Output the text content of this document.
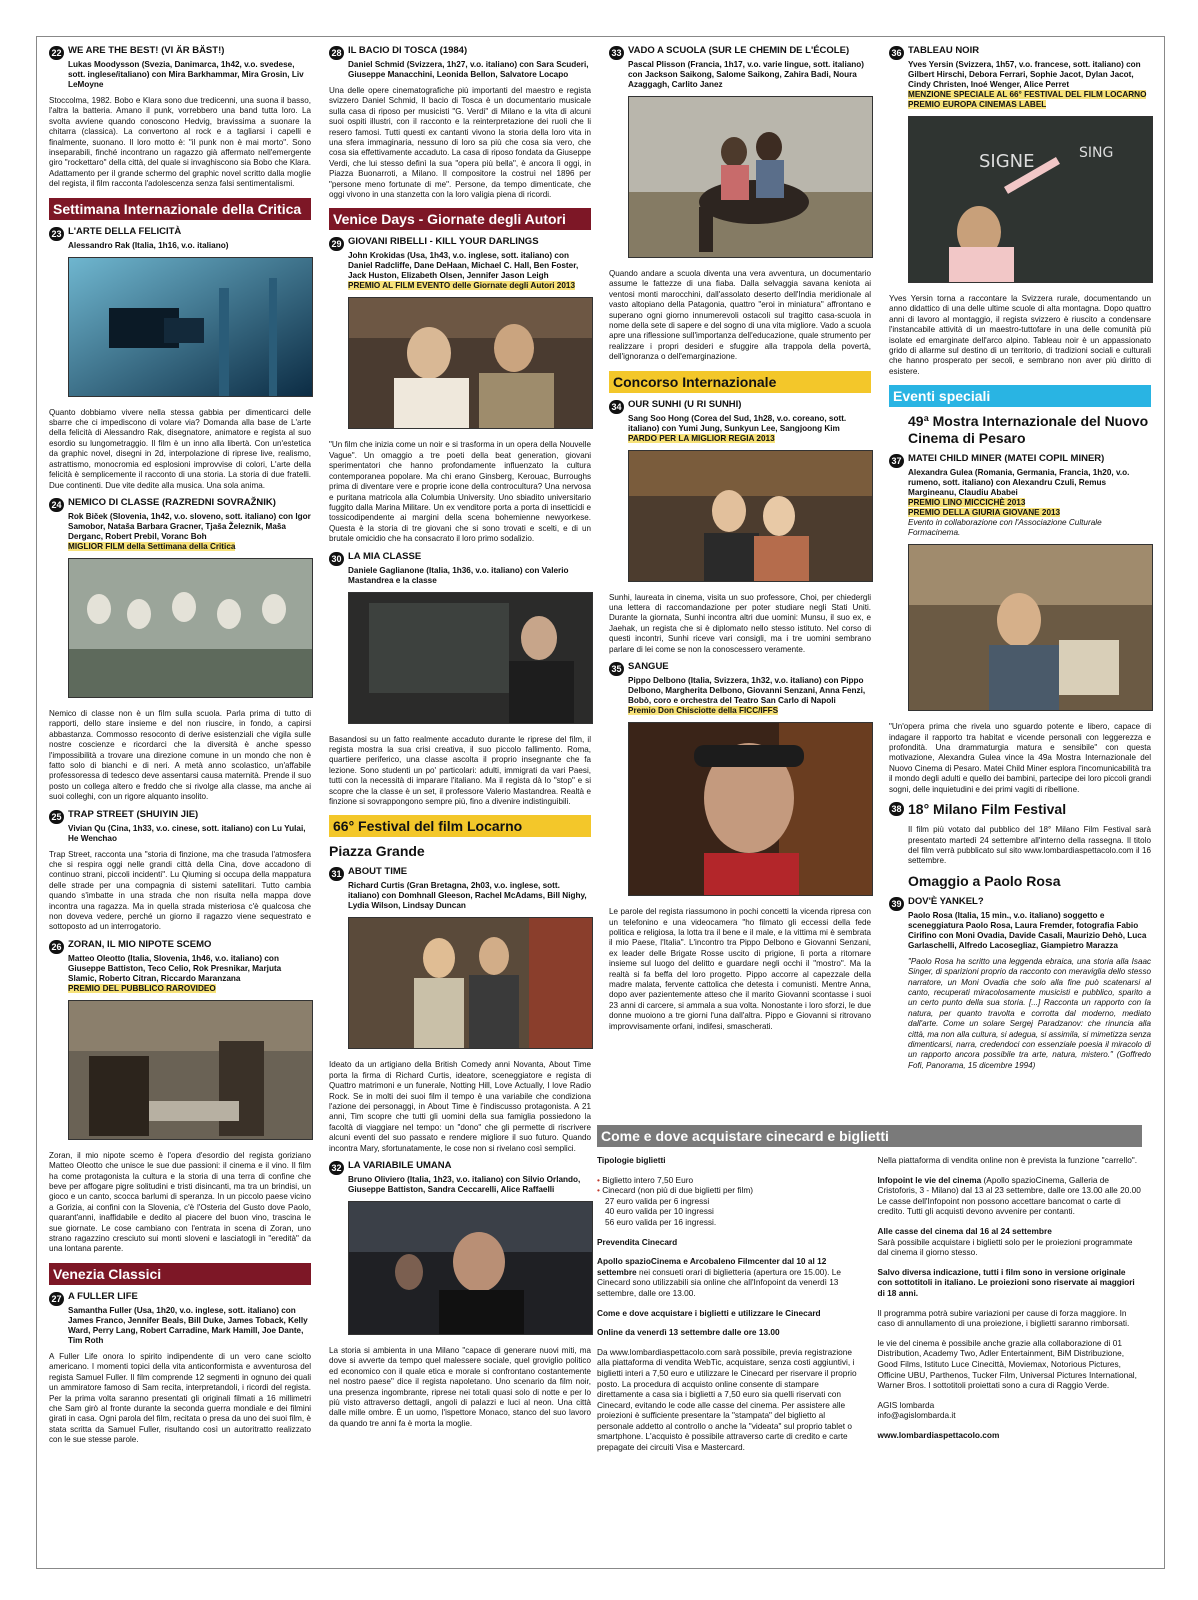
22 WE ARE THE BEST! (VI ÄR BÄST!)
Lukas Moodysson (Svezia, Danimarca, 1h42, v.o. svedese, sott. inglese/italiano) con Mira Barkhammar, Mira Grosin, Liv LeMoyne
Stoccolma, 1982. Bobo e Klara sono due tredicenni, una suona il basso, l'altra la batteria. Amano il punk, vorrebbero una band tutta loro. La svolta avviene quando conoscono Hedvig, bravissima a suonare la chitarra (classica). La convertono al rock e a tagliarsi i capelli e finalmente, suonano. Il loro motto è: "il punk non è mai morto". Sono inseparabili, finché incontrano un ragazzo già affermato nell'emergente giro "rockettaro" della città, del quale si invaghiscono sia Bobo che Klara. Adattamento per il grande schermo del graphic novel scritto dalla moglie del regista, il film racconta l'adolescenza senza falsi sentimentalismi.
Settimana Internazionale della Critica
23 L'ARTE DELLA FELICITÀ
Alessandro Rak (Italia, 1h16, v.o. italiano)
Quanto dobbiamo vivere nella stessa gabbia per dimenticarci delle sbarre che ci impediscono di volare via? Domanda alla base de L'arte della felicità di Alessandro Rak, disegnatore, animatore e regista al suo esordio su lungometraggio. Il film è un inno alla libertà. Con un'estetica da graphic novel, disegni in 2d, interpolazione di riprese live, realismo, astrattismo, monocromia ed esplosioni improvvise di colori, L'arte della felicità è semplicemente il racconto di una storia. La storia di due fratelli. Due continenti. Due vite dedite alla musica. Una sola anima.
24 NEMICO DI CLASSE (RAZREDNI SOVRAŽNIK)
Rok Biček (Slovenia, 1h42, v.o. sloveno, sott. italiano) con Igor Samobor, Nataša Barbara Gracner, Tjaša Železnik, Maša Derganc, Robert Prebil, Voranc Boh
MIGLIOR FILM della Settimana della Critica
Nemico di classe non è un film sulla scuola. Parla prima di tutto di rapporti, dello stare insieme e del non riuscire, in fondo, a capirsi abbastanza. Commosso resoconto di derive esistenziali che vigila sulle nostre coscienze e ricordarci che la diversità è anche spesso l'impossibilità a trovare una direzione comune in un mondo che non è fatto solo di bianchi e di neri. A metà anno scolastico, un'affabile professoressa di tedesco deve assentarsi causa maternità. Prende il suo posto un collega altero e freddo che si rivolge alla classe, ma anche ai suoi colleghi, con un rigore alquanto insolito.
25 TRAP STREET (SHUIYIN JIE)
Vivian Qu (Cina, 1h33, v.o. cinese, sott. italiano) con Lu Yulai, He Wenchao
Trap Street, racconta una "storia di finzione, ma che trasuda l'atmosfera che si respira oggi nelle grandi città della Cina, dove accadono di continuo strani, piccoli incidenti". Lu Qiuming si occupa della mappatura delle strade per una compagnia di sistemi satellitari. Tutto cambia quando s'imbatte in una strada che non risulta nella mappa dove incontra una ragazza. Ma in quella strada misteriosa c'è qualcosa che non doveva vedere, perché un giorno il ragazzo viene sequestrato e sottoposto ad un interrogatorio.
26 ZORAN, IL MIO NIPOTE SCEMO
Matteo Oleotto (Italia, Slovenia, 1h46, v.o. italiano) con Giuseppe Battiston, Teco Celio, Rok Presnikar, Marjuta Slamic, Roberto Citran, Riccardo Maranzana
PREMIO DEL PUBBLICO RAROVIDEO
Zoran, il mio nipote scemo è l'opera d'esordio del regista goriziano Matteo Oleotto che unisce le sue due passioni: il cinema e il vino. Il film ha come protagonista la cultura e la storia di una terra di confine che beve per affogare pigre solitudini e tristi disincanti, ma tra un brindisi, un gioco e un canto, scocca barlumi di speranza. In un piccolo paese vicino a Gorizia, ai confini con la Slovenia, c'è l'Osteria del Gusto dove Paolo, quarant'anni, inaffidabile e dedito al piacere del buon vino, trascina le sue giornate. Le cose cambiano con l'entrata in scena di Zoran, uno strano ragazzino cresciuto sui monti sloveni e lasciatogli in "eredità" da una lontana parente.
Venezia Classici
27 A FULLER LIFE
Samantha Fuller (Usa, 1h20, v.o. inglese, sott. italiano) con James Franco, Jennifer Beals, Bill Duke, James Toback, Kelly Ward, Perry Lang, Robert Carradine, Mark Hamill, Joe Dante, Tim Roth
A Fuller Life onora lo spirito indipendente di un vero cane sciolto americano. I momenti topici della vita anticonformista e avventurosa del regista Samuel Fuller. Il film comprende 12 segmenti in ognuno dei quali un ammiratore famoso di Sam recita, interpretandoli, i ricordi del regista. Per la prima volta saranno presentati gli originali filmati a 16 millimetri che Sam girò al fronte durante la seconda guerra mondiale e dei filmini girati in casa. Ogni parola del film, recitata o presa da uno dei suoi film, è stata scritta da Samuel Fuller, risultando così un autoritratto realizzato con le sue stesse parole.
28 IL BACIO DI TOSCA (1984)
Daniel Schmid (Svizzera, 1h27, v.o. italiano) con Sara Scuderi, Giuseppe Manacchini, Leonida Bellon, Salvatore Locapo
Una delle opere cinematografiche più importanti del maestro e regista svizzero Daniel Schmid, Il bacio di Tosca è un documentario musicale sulla casa di riposo per musicisti "G. Verdi" di Milano e la vita di alcuni suoi ospiti illustri, con il racconto e la reinterpretazione dei ruoli che li resero famosi. Tutti questi ex cantanti vivono la storia della loro vita in una sfera immaginaria, nessuno di loro sa più che cosa sia vero, che cosa sia effettivamente accaduto. La casa di riposo fondata da Giuseppe Verdi, che lui stesso definì la sua "opera più bella", è ancora lì oggi, in Piazza Buonarroti, a Milano. Il compositore la costruì nel 1896 per "persone meno fortunate di me". Persone, da tempo dimenticate, che oggi vivono in una stanzetta con la loro valigia piena di ricordi.
Venice Days - Giornate degli Autori
29 GIOVANI RIBELLI - KILL YOUR DARLINGS
John Krokidas (Usa, 1h43, v.o. inglese, sott. italiano) con Daniel Radcliffe, Dane DeHaan, Michael C. Hall, Ben Foster, Jack Huston, Elizabeth Olsen, Jennifer Jason Leigh
PREMIO AL FILM EVENTO delle Giornate degli Autori 2013
"Un film che inizia come un noir e si trasforma in un opera della Nouvelle Vague". Un omaggio a tre poeti della beat generation, giovani sperimentatori che hanno profondamente influenzato la cultura contemporanea popolare. Ma chi erano Ginsberg, Kerouac, Burroughs prima di diventare vere e proprie icone della controcultura? Una nervosa e puritana matricola alla Columbia University. Uno sbiadito universitario fuggito dalla Marina Militare. Un ex venditore porta a porta di insetticidi e tossicodipendente ai margini della scena bohemienne newyorkese. Questa è la storia di tre giovani che si sono trovati e scelti, e di un brutale omicidio che ha consacrato il loro primo sodalizio.
30 LA MIA CLASSE
Daniele Gaglianone (Italia, 1h36, v.o. italiano) con Valerio Mastandrea e la classe
Basandosi su un fatto realmente accaduto durante le riprese del film, il regista mostra la sua crisi creativa, il suo piccolo fallimento. Roma, quartiere periferico, una classe ascolta il proprio insegnante che fa lezione. Sono studenti un po' particolari: adulti, immigrati da vari Paesi, tutti con la necessità di imparare l'italiano. Ma il regista dà lo "stop" e si scopre che la classe è un set, il professore Valerio Mastandrea. Realtà e finzione si sovrappongono sempre più, fino a divenire indistinguibili.
66° Festival del film Locarno
Piazza Grande
31 ABOUT TIME
Richard Curtis (Gran Bretagna, 2h03, v.o. inglese, sott. italiano) con Domhnall Gleeson, Rachel McAdams, Bill Nighy, Lydia Wilson, Lindsay Duncan
Ideato da un artigiano della British Comedy anni Novanta, About Time porta la firma di Richard Curtis, ideatore, sceneggiatore e regista di Quattro matrimoni e un funerale, Notting Hill, Love Actually, I love Radio Rock. Se in molti dei suoi film il tempo è una variabile che condiziona l'azione dei personaggi, in About Time è l'indiscusso protagonista. A 21 anni, Tim scopre che tutti gli uomini della sua famiglia possiedono la facoltà di viaggiare nel tempo: un "dono" che gli permette di riscrivere alcuni eventi del suo passato e rendere migliore il suo futuro. Quando incontra Mary, sfortunatamente, le cose non si rivelano così semplici.
32 LA VARIABILE UMANA
Bruno Oliviero (Italia, 1h23, v.o. italiano) con Silvio Orlando, Giuseppe Battiston, Sandra Ceccarelli, Alice Raffaelli
La storia si ambienta in una Milano "capace di generare nuovi miti, ma dove si avverte da tempo quel malessere sociale, quel groviglio politico ed economico con il quale etica e morale si confrontano costantemente nel nostro paese" dice il regista napoletano. Uno scenario da film noir, una presenza ingombrante, riprese nei totali quasi solo di notte e per lo più visto attraverso dettagli, angoli di palazzi e luci al neon. Una città dalle mille ombre. È un uomo, l'ispettore Monaco, stanco del suo lavoro da quando tre anni fa è morta la moglie.
33 VADO A SCUOLA (SUR LE CHEMIN DE L'ÉCOLE)
Pascal Plisson (Francia, 1h17, v.o. varie lingue, sott. italiano) con Jackson Saikong, Salome Saikong, Zahira Badi, Noura Azaggagh, Carlito Janez
Quando andare a scuola diventa una vera avventura, un documentario assume le fattezze di una fiaba. Dalla selvaggia savana keniota ai ventosi monti marocchini, dall'assolato deserto dell'India meridionale al vasto altopiano della Patagonia, quattro "eroi in miniatura" affrontano e superano ogni giorno innumerevoli ostacoli sul tragitto casa-scuola in nome della sete di sapere e del sogno di una vita migliore. Vado a scuola apre una riflessione sull'importanza dell'educazione, quale strumento per realizzare i propri desideri e sfuggire alla trappola della povertà, dell'ignoranza o dell'emarginazione.
Concorso Internazionale
34 OUR SUNHI (U RI SUNHI)
Sang Soo Hong (Corea del Sud, 1h28, v.o. coreano, sott. italiano) con Yumi Jung, Sunkyun Lee, Sangjoong Kim
PARDO PER LA MIGLIOR REGIA 2013
Sunhi, laureata in cinema, visita un suo professore, Choi, per chiedergli una lettera di raccomandazione per poter studiare negli Stati Uniti. Durante la giornata, Sunhi incontra altri due uomini: Munsu, il suo ex, e Jaehak, un regista che si è diplomato nello stesso istituto. Nel corso di questi incontri, Sunhi riceve vari consigli, ma i tre uomini sembrano parlare di lei come se non la conoscessero veramente.
35 SANGUE
Pippo Delbono (Italia, Svizzera, 1h32, v.o. italiano) con Pippo Delbono, Margherita Delbono, Giovanni Senzani, Anna Fenzi, Bobò, coro e orchestra del Teatro San Carlo di Napoli
Premio Don Chisciotte della FICC/IFFS
Le parole del regista riassumono in pochi concetti la vicenda ripresa con un telefonino e una videocamera "ho filmato gli eccessi della fede politica e religiosa, la lotta tra il bene e il male, e la vittima mi è sembrata il mio Paese, l'Italia". L'incontro tra Pippo Delbono e Giovanni Senzani, ex leader delle Brigate Rosse uscito di prigione, lì porta a ritornare insieme sul luogo del delitto e guardare negli occhi il "mostro". Ma la realtà si fa beffa del loro progetto. Pippo accorre al capezzale della madre malata, fervente cattolica che detesta i comunisti. Mentre Anna, dopo aver pazientemente atteso che il marito Giovanni scontasse i suoi 23 anni di carcere, si ammala a sua volta. Nonostante i loro sforzi, le due donne muoiono a tre giorni l'una dall'altra. Pippo e Giovanni si ritrovano improvvisamente orfani, indifesi, smascherati.
36 TABLEAU NOIR
Yves Yersin (Svizzera, 1h57, v.o. francese, sott. italiano) con Gilbert Hirschi, Debora Ferrari, Sophie Jacot, Dylan Jacot, Cindy Christen, Inoé Wenger, Alice Perret
MENZIONE SPECIALE AL 66° FESTIVAL DEL FILM LOCARNO
PREMIO EUROPA CINEMAS LABEL
SIGNE	SING
Yves Yersin torna a raccontare la Svizzera rurale, documentando un anno didattico di una delle ultime scuole di alta montagna. Dopo quattro anni di lavoro al montaggio, il regista svizzero è riuscito a condensare l'instancabile attività di un maestro-tuttofare in una delle comunità più isolate ed emarginate dell'arco alpino. Tableau noir è un appassionato grido di allarme sul destino di un territorio, di tradizioni sociali e culturali che hanno prosperato per secoli, e sembrano non aver più diritto di esistere.
Eventi speciali
49ª Mostra Internazionale del Nuovo Cinema di Pesaro
37 MATEI CHILD MINER (MATEI COPIL MINER)
Alexandra Gulea (Romania, Germania, Francia, 1h20, v.o. rumeno, sott. italiano) con Alexandru Czuli, Remus Margineanu, Claudiu Ababei
PREMIO LINO MICCICHÈ 2013
PREMIO DELLA GIURIA GIOVANE 2013
Evento in collaborazione con l'Associazione Culturale Formacinema.
"Un'opera prima che rivela uno sguardo potente e libero, capace di indagare il rapporto tra habitat e vicende personali con leggerezza e profondità. Una drammaturgia matura e sensibile" con questa motivazione, Alexandra Gulea vince la 49a Mostra Internazionale del Nuovo Cinema di Pesaro. Matei Child Miner esplora l'incomunicabilità tra il mondo degli adulti e quello dei bambini, partecipe dei loro piccoli grandi sogni, delle inquietudini e dei primi vagiti di ribellione.
38 18° Milano Film Festival
Il film più votato dal pubblico del 18° Milano Film Festival sarà presentato martedì 24 settembre all'interno della rassegna. Il titolo del film verrà pubblicato sul sito www.lombardiaspettacolo.com il 16 settembre.
Omaggio a Paolo Rosa
39 DOV'È YANKEL?
Paolo Rosa (Italia, 15 min., v.o. italiano) soggetto e sceneggiatura Paolo Rosa, Laura Fremder, fotografia Fabio Cirifino con Moni Ovadia, Davide Casali, Maurizio Dehò, Luca Garlaschelli, Alfredo Lacosegliaz, Giampietro Marazza
"Paolo Rosa ha scritto una leggenda ebraica, una storia alla Isaac Singer, di sparizioni proprio da racconto con meraviglia dello stesso narratore, un Moni Ovadia che solo alla fine può scatenarsi al canto, recuperati miracolosamente musicisti e pubblico, sparito a un certo punto della sua storia. [...] Racconta un rapporto con la natura, per quanto travolta e corrotta dal moderno, mediato dall'arte. Come un solare Sergej Paradzanov: che rinuncia alla città, ma non alla cultura, si adegua, si assimila, si mimetizza senza dimenticarsi, narra, credendoci con essenziale poesia il miracolo di un rapporto ancora possibile tra arte, natura, mistero." (Goffredo Fofi, Panorama, 15 dicembre 1994)
Come e dove acquistare cinecard e biglietti

Tipologie biglietti

• Biglietto intero 7,50 Euro
• Cinecard (non più di due biglietti per film)
27 euro valida per 6 ingressi
40 euro valida per 10 ingressi
56 euro valida per 16 ingressi.

Prevendita Cinecard

Apollo spazioCinema e Arcobaleno Filmcenter dal 10 al 12 settembre nei consueti orari di biglietteria (apertura ore 15.00). Le Cinecard sono utilizzabili sia online che all'Infopoint da venerdì 13 settembre, dalle ore 13.00.

Come e dove acquistare i biglietti e utilizzare le Cinecard

Online da venerdì 13 settembre dalle ore 13.00

Da www.lombardiaspettacolo.com sarà possibile, previa registrazione alla piattaforma di vendita WebTic, acquistare, senza costi aggiuntivi, i biglietti interi a 7,50 euro e utilizzare le Cinecard per riservare il proprio posto. La procedura di acquisto online consente di stampare direttamente a casa sia i biglietti a 7,50 euro sia quelli riservati con Cinecard, evitando le code alle casse del cinema. Per assistere alle proiezioni è sufficiente presentare la "stampata" del biglietto al personale addetto al controllo o anche la "videata" sul proprio tablet o smartphone. L'acquisto è possibile attraverso carte di credito e carte prepagate dei circuiti Visa e Mastercard.

Nella piattaforma di vendita online non è prevista la funzione "carrello".

Infopoint le vie del cinema (Apollo spazioCinema, Galleria de Cristoforis, 3 - Milano) dal 13 al 23 settembre, dalle ore 13.00 alle 20.00
Le casse dell'Infopoint non possono accettare bancomat o carte di credito. Tutti gli acquisti devono avvenire per contanti.

Alle casse del cinema dal 16 al 24 settembre
Sarà possibile acquistare i biglietti solo per le proiezioni programmate dal cinema il giorno stesso.

Salvo diversa indicazione, tutti i film sono in versione originale con sottotitoli in italiano. Le proiezioni sono riservate ai maggiori di 18 anni.

Il programma potrà subire variazioni per cause di forza maggiore. In caso di annullamento di una proiezione, i biglietti saranno rimborsati.

le vie del cinema è possibile anche grazie alla collaborazione di 01 Distribution, Academy Two, Adler Entertainment, BiM Distribuzione, Good Films, Istituto Luce Cinecittà, Moviemax, Notorious Pictures, Officine UBU, Parthenos, Tucker Film, Universal Pictures International, Warner Bros. I sottotitoli proiettati sono a cura di Raggio Verde.

AGIS lombarda
info@agislombarda.it

www.lombardiaspettacolo.com
